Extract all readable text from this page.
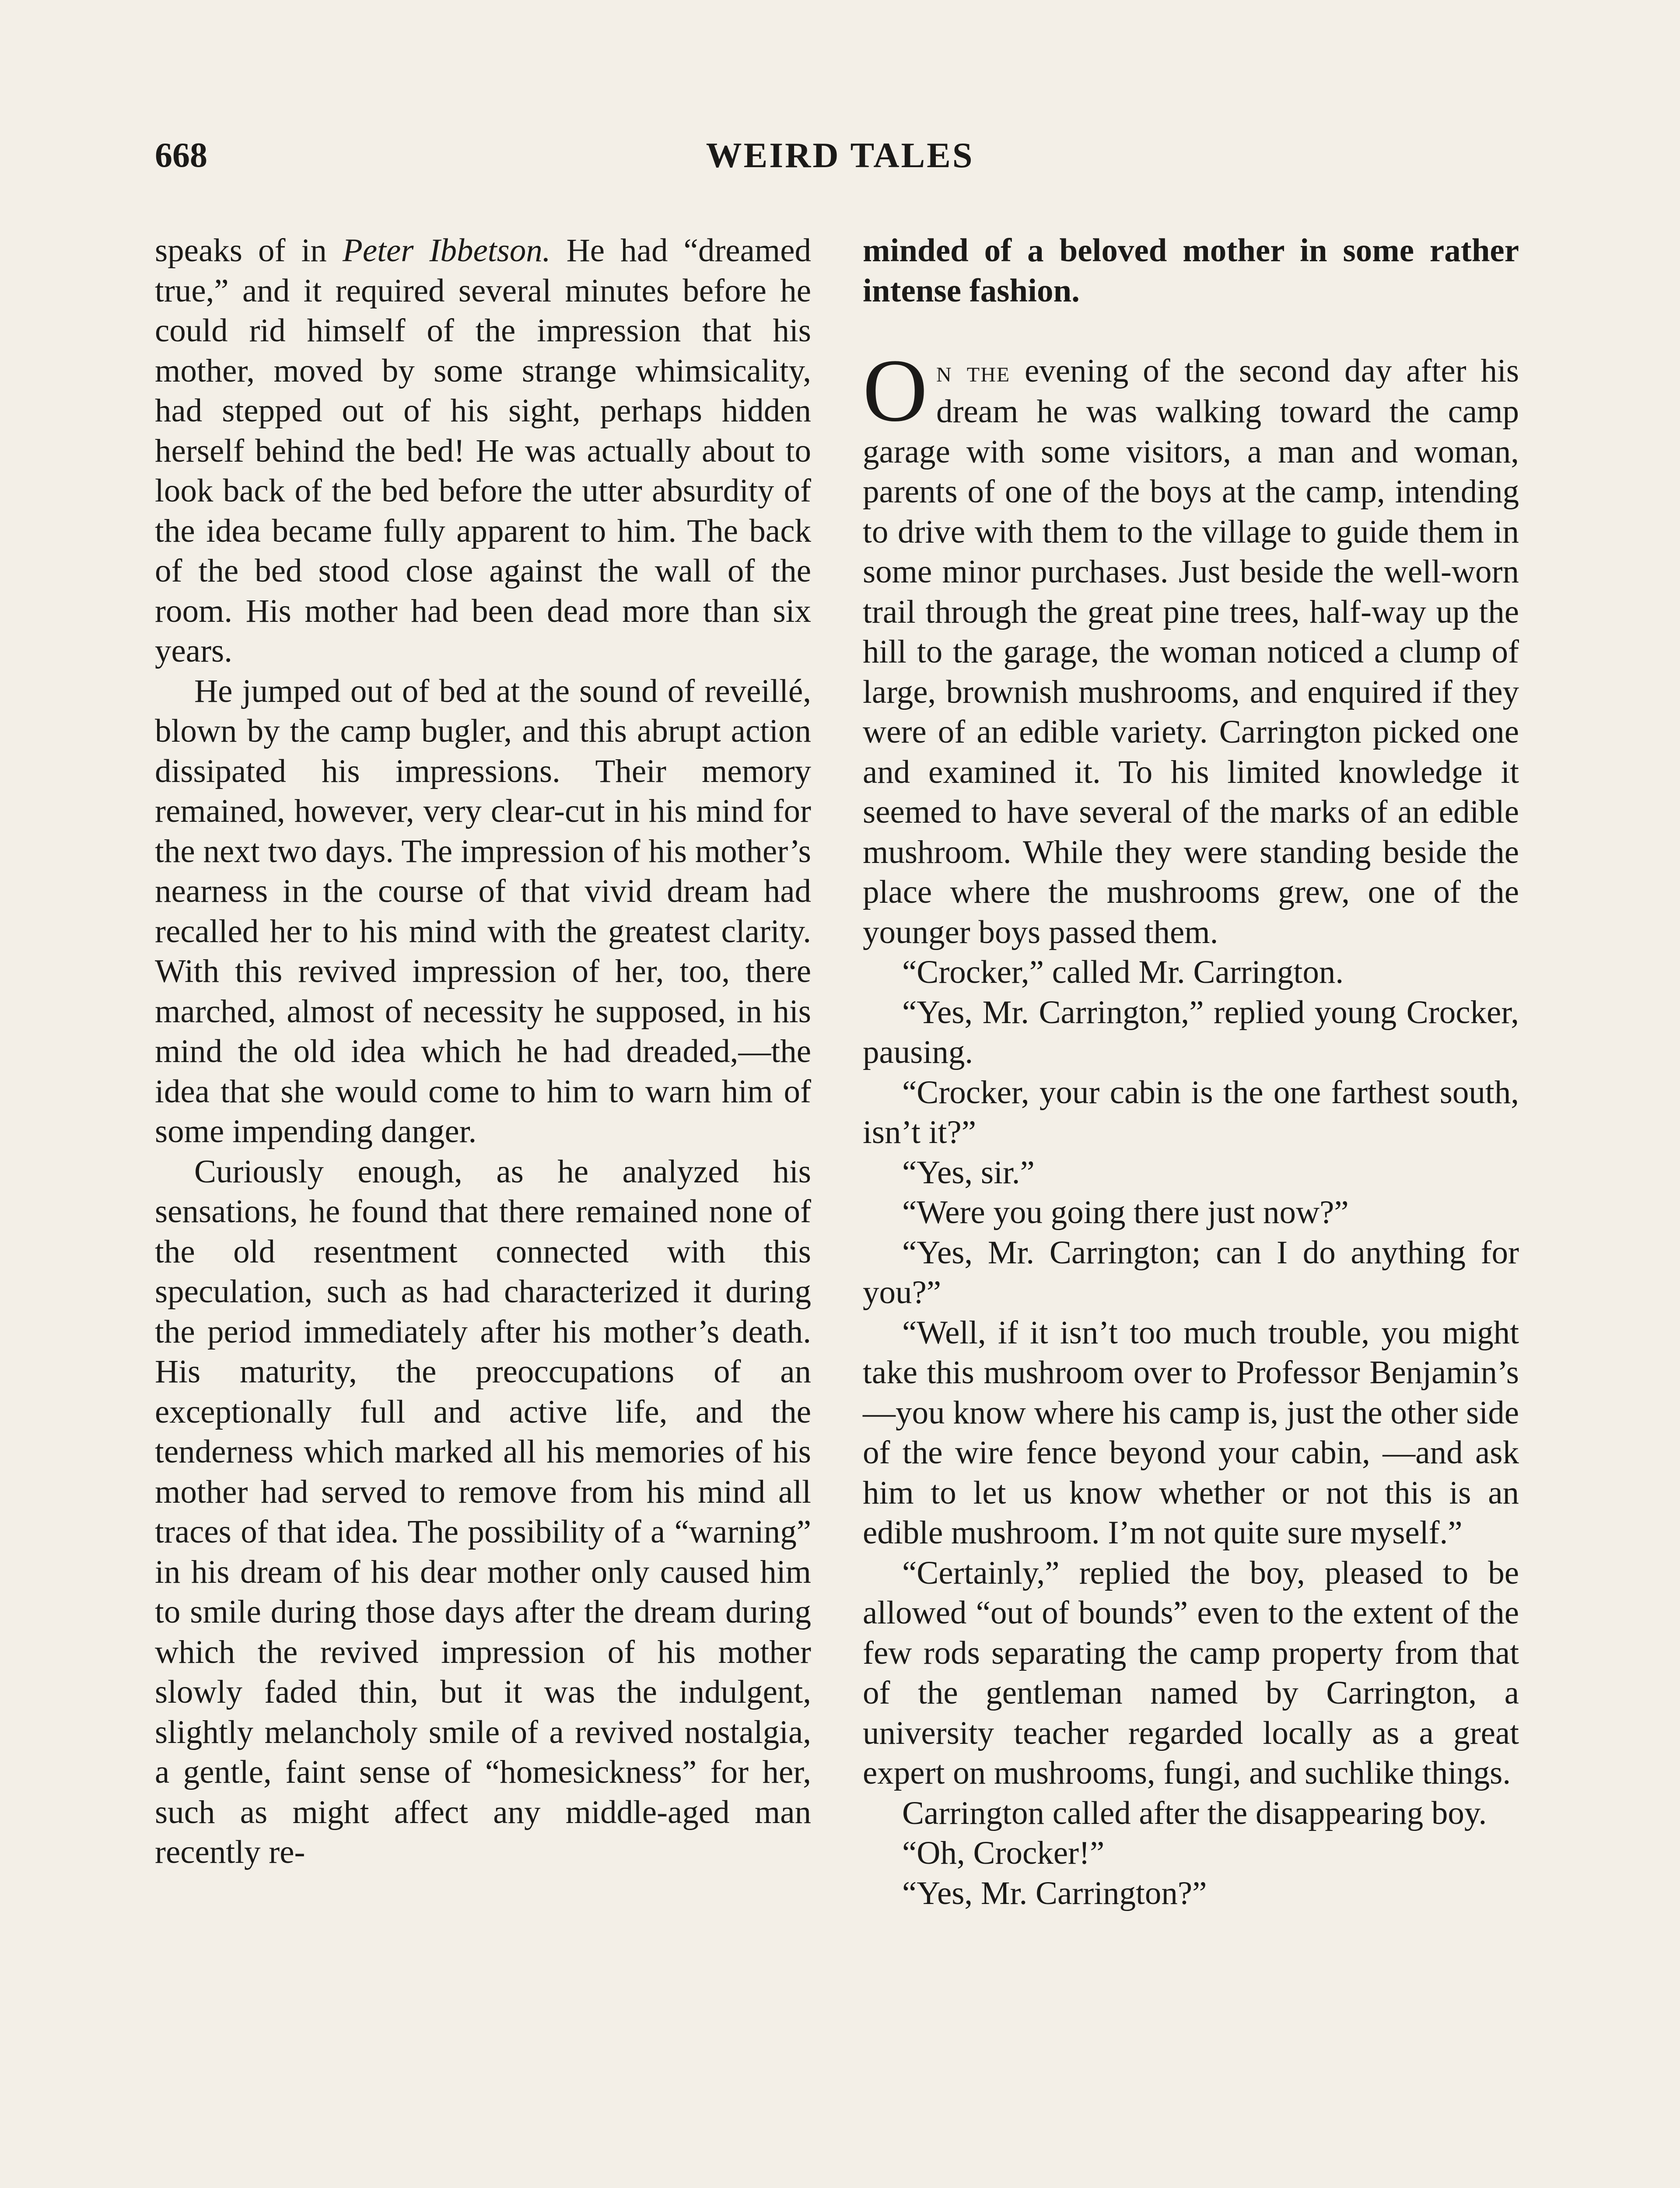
668	WEIRD TALES

speaks of in Peter Ibbetson. He had “dreamed true,” and it required several minutes before he could rid himself of the impression that his mother, moved by some strange whimsicality, had stepped out of his sight, perhaps hidden herself behind the bed! He was actually about to look back of the bed before the utter absurdity of the idea became fully apparent to him. The back of the bed stood close against the wall of the room. His mother had been dead more than six years.

He jumped out of bed at the sound of reveillé, blown by the camp bugler, and this abrupt action dissipated his impressions. Their memory remained, however, very clear-cut in his mind for the next two days. The impression of his mother’s nearness in the course of that vivid dream had recalled her to his mind with the greatest clarity. With this revived impression of her, too, there marched, almost of necessity he supposed, in his mind the old idea which he had dreaded,—the idea that she would come to him to warn him of some impending danger.

Curiously enough, as he analyzed his sensations, he found that there remained none of the old resentment connected with this speculation, such as had characterized it during the period immediately after his mother’s death. His maturity, the preoccupations of an exceptionally full and active life, and the tenderness which marked all his memories of his mother had served to remove from his mind all traces of that idea. The possibility of a “warning” in his dream of his dear mother only caused him to smile during those days after the dream during which the revived impression of his mother slowly faded thin, but it was the indulgent, slightly melancholy smile of a revived nostalgia, a gentle, faint sense of “homesickness” for her, such as might affect any middle-aged man recently re-

minded of a beloved mother in some rather intense fashion.

On the evening of the second day after his dream he was walking toward the camp garage with some visitors, a man and woman, parents of one of the boys at the camp, intending to drive with them to the village to guide them in some minor purchases. Just beside the well-worn trail through the great pine trees, half-way up the hill to the garage, the woman noticed a clump of large, brownish mushrooms, and enquired if they were of an edible variety. Carrington picked one and examined it. To his limited knowledge it seemed to have several of the marks of an edible mushroom. While they were standing beside the place where the mushrooms grew, one of the younger boys passed them.

“Crocker,” called Mr. Carrington.

“Yes, Mr. Carrington,” replied young Crocker, pausing.

“Crocker, your cabin is the one farthest south, isn’t it?”

“Yes, sir.”

“Were you going there just now?”

“Yes, Mr. Carrington; can I do anything for you?”

“Well, if it isn’t too much trouble, you might take this mushroom over to Professor Benjamin’s—you know where his camp is, just the other side of the wire fence beyond your cabin, —and ask him to let us know whether or not this is an edible mushroom. I’m not quite sure myself.”

“Certainly,” replied the boy, pleased to be allowed “out of bounds” even to the extent of the few rods separating the camp property from that of the gentleman named by Carrington, a university teacher regarded locally as a great expert on mushrooms, fungi, and suchlike things.

Carrington called after the disappearing boy.

“Oh, Crocker!”

“Yes, Mr. Carrington?”
